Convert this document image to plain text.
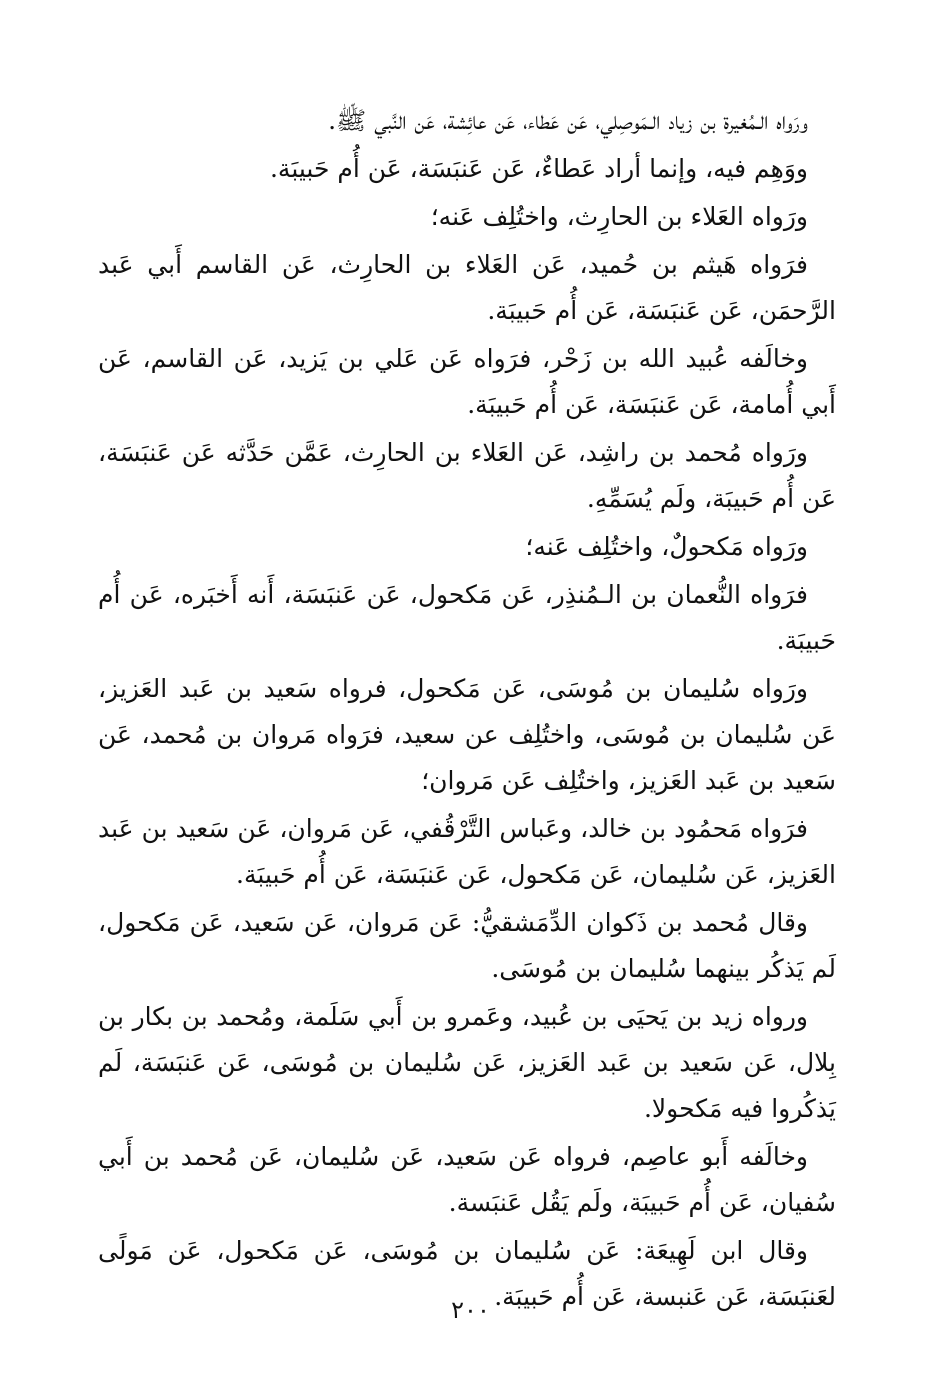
ورَواه الـمُغيرة بن زياد الـمَوصِلي، عَن عَطاء، عَن عائِشة، عَن النَّبي ﷺ.

ووَهِم فيه، وإنما أراد عَطاءٌ، عَن عَنبَسَة، عَن أُم حَبيبَة.

ورَواه العَلاء بن الحارِث، واختُلِف عَنه؛

فرَواه هَيثم بن حُميد، عَن العَلاء بن الحارِث، عَن القاسم أَبي عَبد الرَّحمَن، عَن عَنبَسَة، عَن أُم حَبيبَة.

وخالَفه عُبيد الله بن زَحْر، فرَواه عَن عَلي بن يَزيد، عَن القاسم، عَن أَبي أُمامة، عَن عَنبَسَة، عَن أُم حَبيبَة.

ورَواه مُحمد بن راشِد، عَن العَلاء بن الحارِث، عَمَّن حَدَّثه عَن عَنبَسَة، عَن أُم حَبيبَة، ولَم يُسَمِّهِ.

ورَواه مَكحولٌ، واختُلِف عَنه؛

فرَواه النُّعمان بن الـمُنذِر، عَن مَكحول، عَن عَنبَسَة، أَنه أَخبَره، عَن أُم حَبيبَة.

ورَواه سُليمان بن مُوسَى، عَن مَكحول، فرواه سَعيد بن عَبد العَزيز، عَن سُليمان بن مُوسَى، واختُلِف عن سعيد، فرَواه مَروان بن مُحمد، عَن سَعيد بن عَبد العَزيز، واختُلِف عَن مَروان؛

فرَواه مَحمُود بن خالد، وعَباس التَّرْقُفي، عَن مَروان، عَن سَعيد بن عَبد العَزيز، عَن سُليمان، عَن مَكحول، عَن عَنبَسَة، عَن أُم حَبيبَة.

وقال مُحمد بن ذَكوان الدِّمَشقيُّ: عَن مَروان، عَن سَعيد، عَن مَكحول، لَم يَذكُر بينهما سُليمان بن مُوسَى.

ورواه زيد بن يَحيَى بن عُبيد، وعَمرو بن أَبي سَلَمة، ومُحمد بن بكار بن بِلال، عَن سَعيد بن عَبد العَزيز، عَن سُليمان بن مُوسَى، عَن عَنبَسَة، لَم يَذكُروا فيه مَكحولا.

وخالَفه أَبو عاصِم، فرواه عَن سَعيد، عَن سُليمان، عَن مُحمد بن أَبي سُفيان، عَن أُم حَبيبَة، ولَم يَقُل عَنبَسة.

وقال ابن لَهِيعَة: عَن سُليمان بن مُوسَى، عَن مَكحول، عَن مَولًى لعَنبَسَة، عَن عَنبسة، عَن أُم حَبيبَة.

٢٠٠
